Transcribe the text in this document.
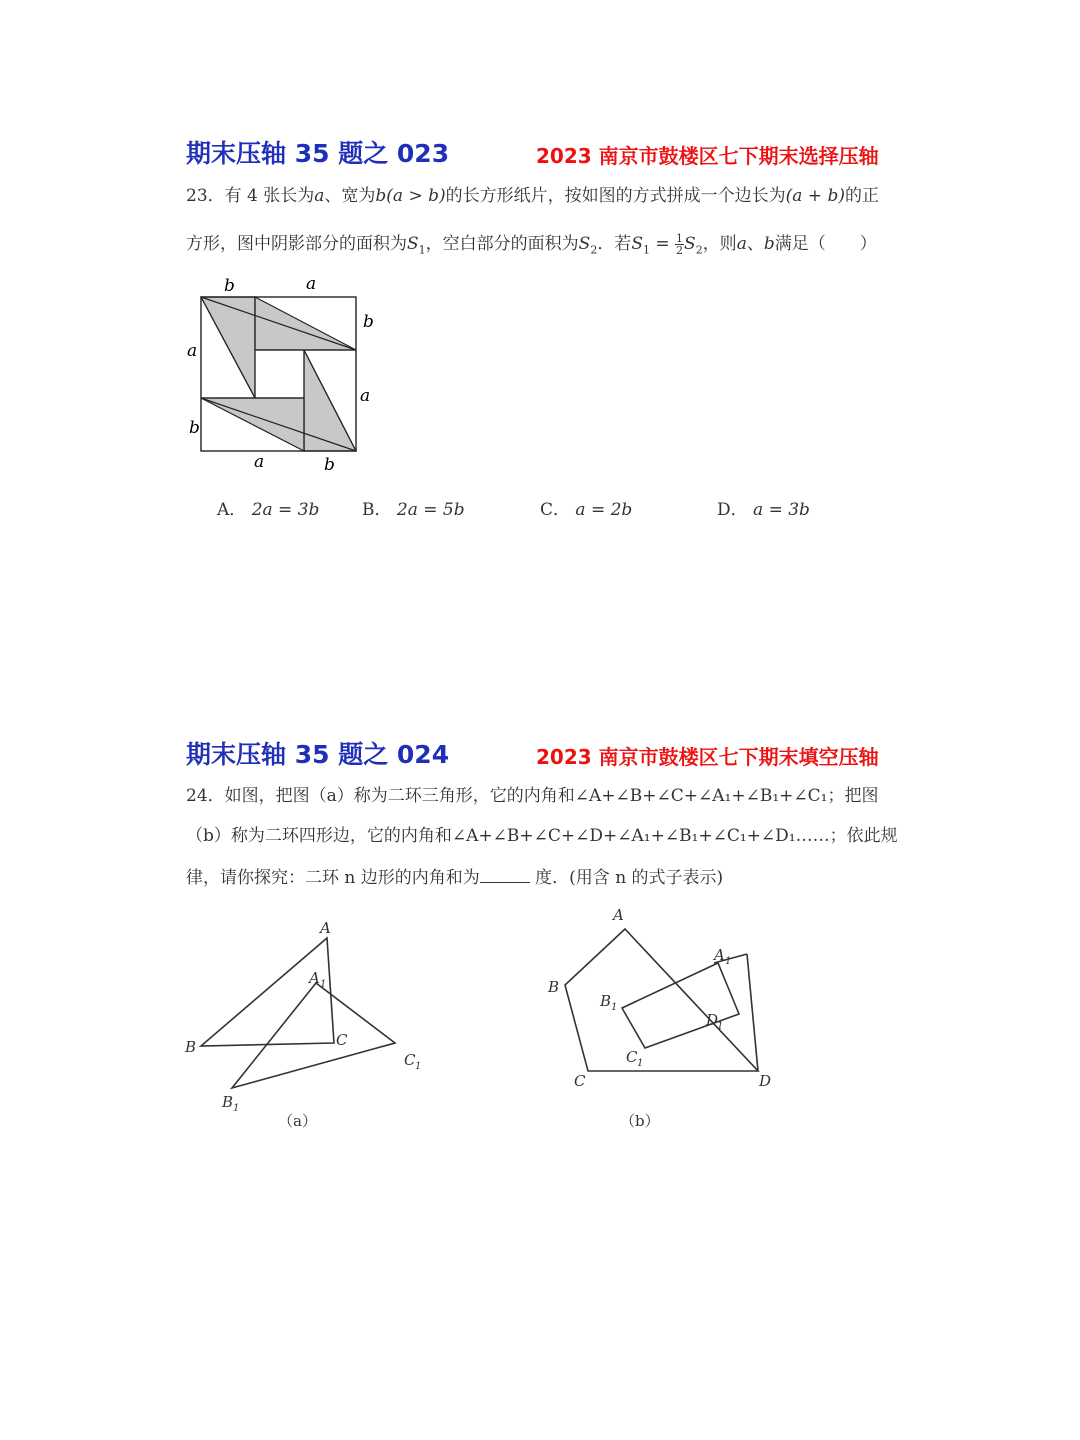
期末压轴 35 题之 023	2023 南京市鼓楼区七下期末选择压轴
23．有 4 张长为a、宽为b(a > b)的长方形纸片，按如图的方式拼成一个边长为(a + b)的正
方形，图中阴影部分的面积为$S_1$，空白部分的面积为$S_2$．若$S_1 = \frac{1}{2} S_2$，则a、b满足（　　）
b	a
b
a
a
b
a	b
A． 2a = 3b	B． 2a = 5b	C． a = 2b	D． a = 3b
期末压轴 35 题之 024	2023 南京市鼓楼区七下期末填空压轴
24．如图，把图（a）称为二环三角形，它的内角和∠A+∠B+∠C+∠A₁+∠B₁+∠C₁；把图
（b）称为二环四形边，它的内角和∠A+∠B+∠C+∠D+∠A₁+∠B₁+∠C₁+∠D₁……；依此规
律，请你探究：二环 n 边形的内角和为	度．(用含 n 的式子表示)
A
B	C
A 1
B 1
C 1
（a）
A
B
C	D
A 1
B 1
C 1
D
1
（b）
